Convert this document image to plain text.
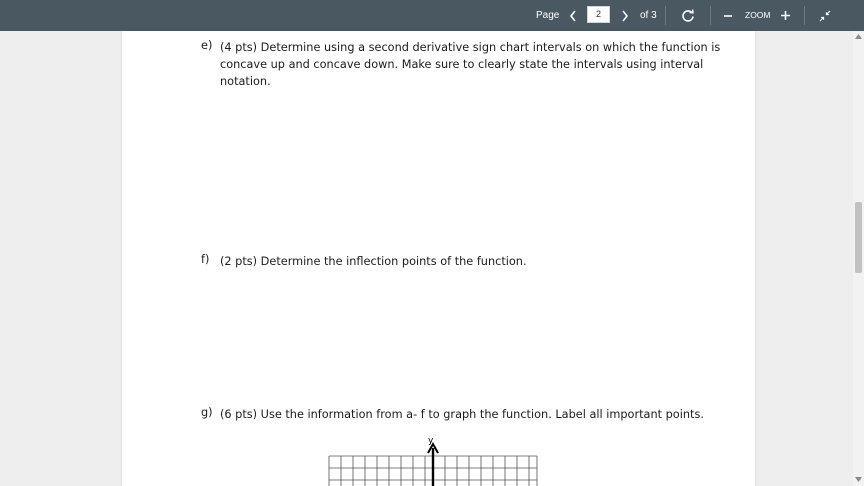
Page
2	of 3	ZOOM
e) (4 pts) Determine using a second derivative sign chart intervals on which the function is
concave up and concave down. Make sure to clearly state the intervals using interval
notation.
f) (2 pts) Determine the inflection points of the function.
g) (6 pts) Use the information from a- f to graph the function. Label all important points.
y
